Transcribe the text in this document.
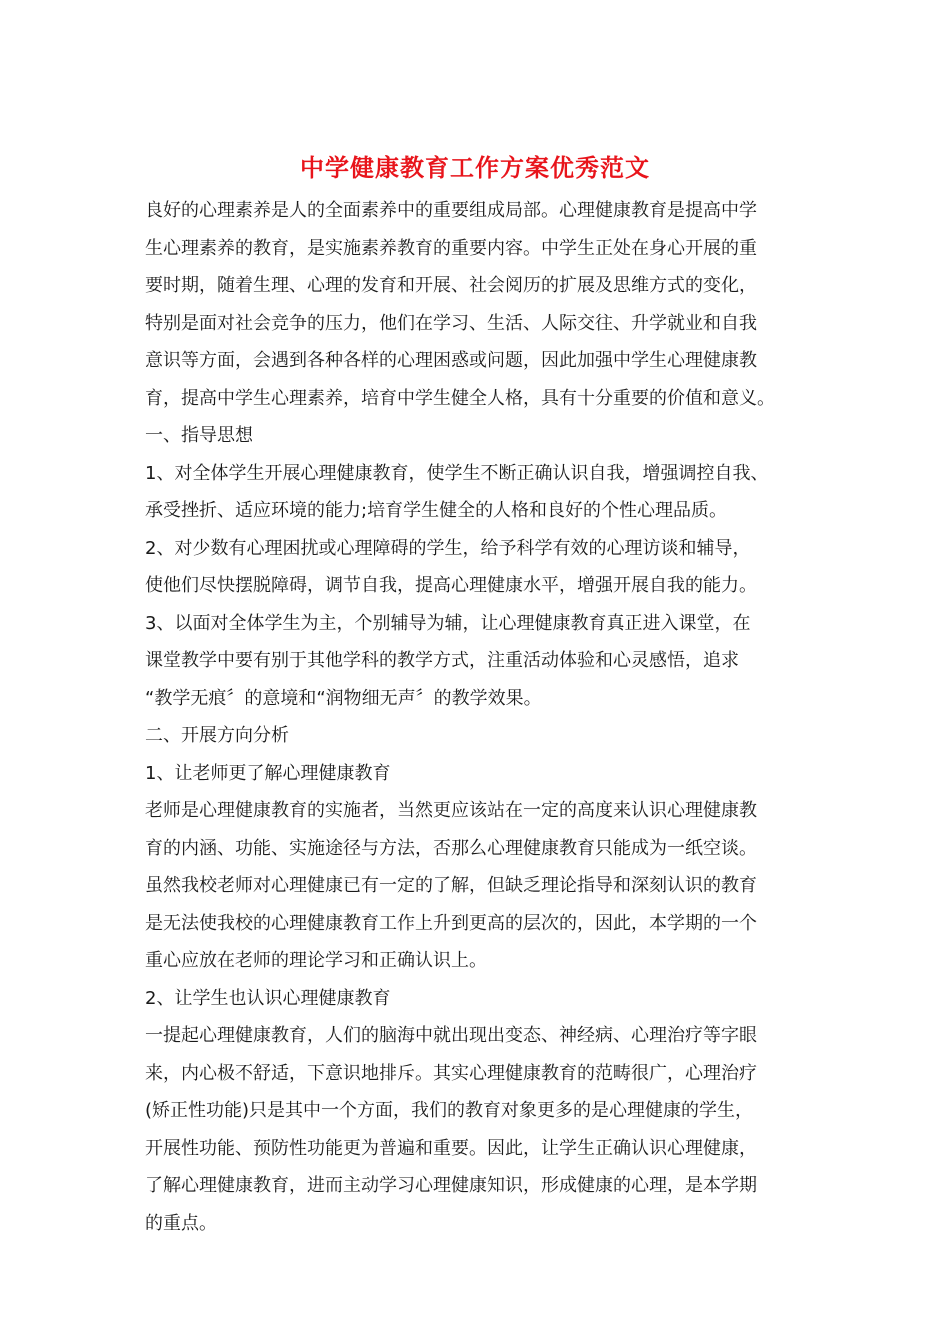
中学健康教育工作方案优秀范文
良好的心理素养是人的全面素养中的重要组成局部。心理健康教育是提高中学
生心理素养的教育，是实施素养教育的重要内容。中学生正处在身心开展的重
要时期，随着生理、心理的发育和开展、社会阅历的扩展及思维方式的变化，
特别是面对社会竞争的压力，他们在学习、生活、人际交往、升学就业和自我
意识等方面，会遇到各种各样的心理困惑或问题，因此加强中学生心理健康教
育，提高中学生心理素养，培育中学生健全人格，具有十分重要的价值和意义。
一、指导思想
1、对全体学生开展心理健康教育，使学生不断正确认识自我，增强调控自我、
承受挫折、适应环境的能力;培育学生健全的人格和良好的个性心理品质。
2、对少数有心理困扰或心理障碍的学生，给予科学有效的心理访谈和辅导，
使他们尽快摆脱障碍，调节自我，提高心理健康水平，增强开展自我的能力。
3、以面对全体学生为主，个别辅导为辅，让心理健康教育真正进入课堂，在
课堂教学中要有别于其他学科的教学方式，注重活动体验和心灵感悟，追求
“教学无痕〞的意境和“润物细无声〞的教学效果。
二、开展方向分析
1、让老师更了解心理健康教育
老师是心理健康教育的实施者，当然更应该站在一定的高度来认识心理健康教
育的内涵、功能、实施途径与方法，否那么心理健康教育只能成为一纸空谈。
虽然我校老师对心理健康已有一定的了解，但缺乏理论指导和深刻认识的教育
是无法使我校的心理健康教育工作上升到更高的层次的，因此，本学期的一个
重心应放在老师的理论学习和正确认识上。
2、让学生也认识心理健康教育
一提起心理健康教育，人们的脑海中就出现出变态、神经病、心理治疗等字眼
来，内心极不舒适，下意识地排斥。其实心理健康教育的范畴很广，心理治疗
(矫正性功能)只是其中一个方面，我们的教育对象更多的是心理健康的学生，
开展性功能、预防性功能更为普遍和重要。因此，让学生正确认识心理健康，
了解心理健康教育，进而主动学习心理健康知识，形成健康的心理，是本学期
的重点。
